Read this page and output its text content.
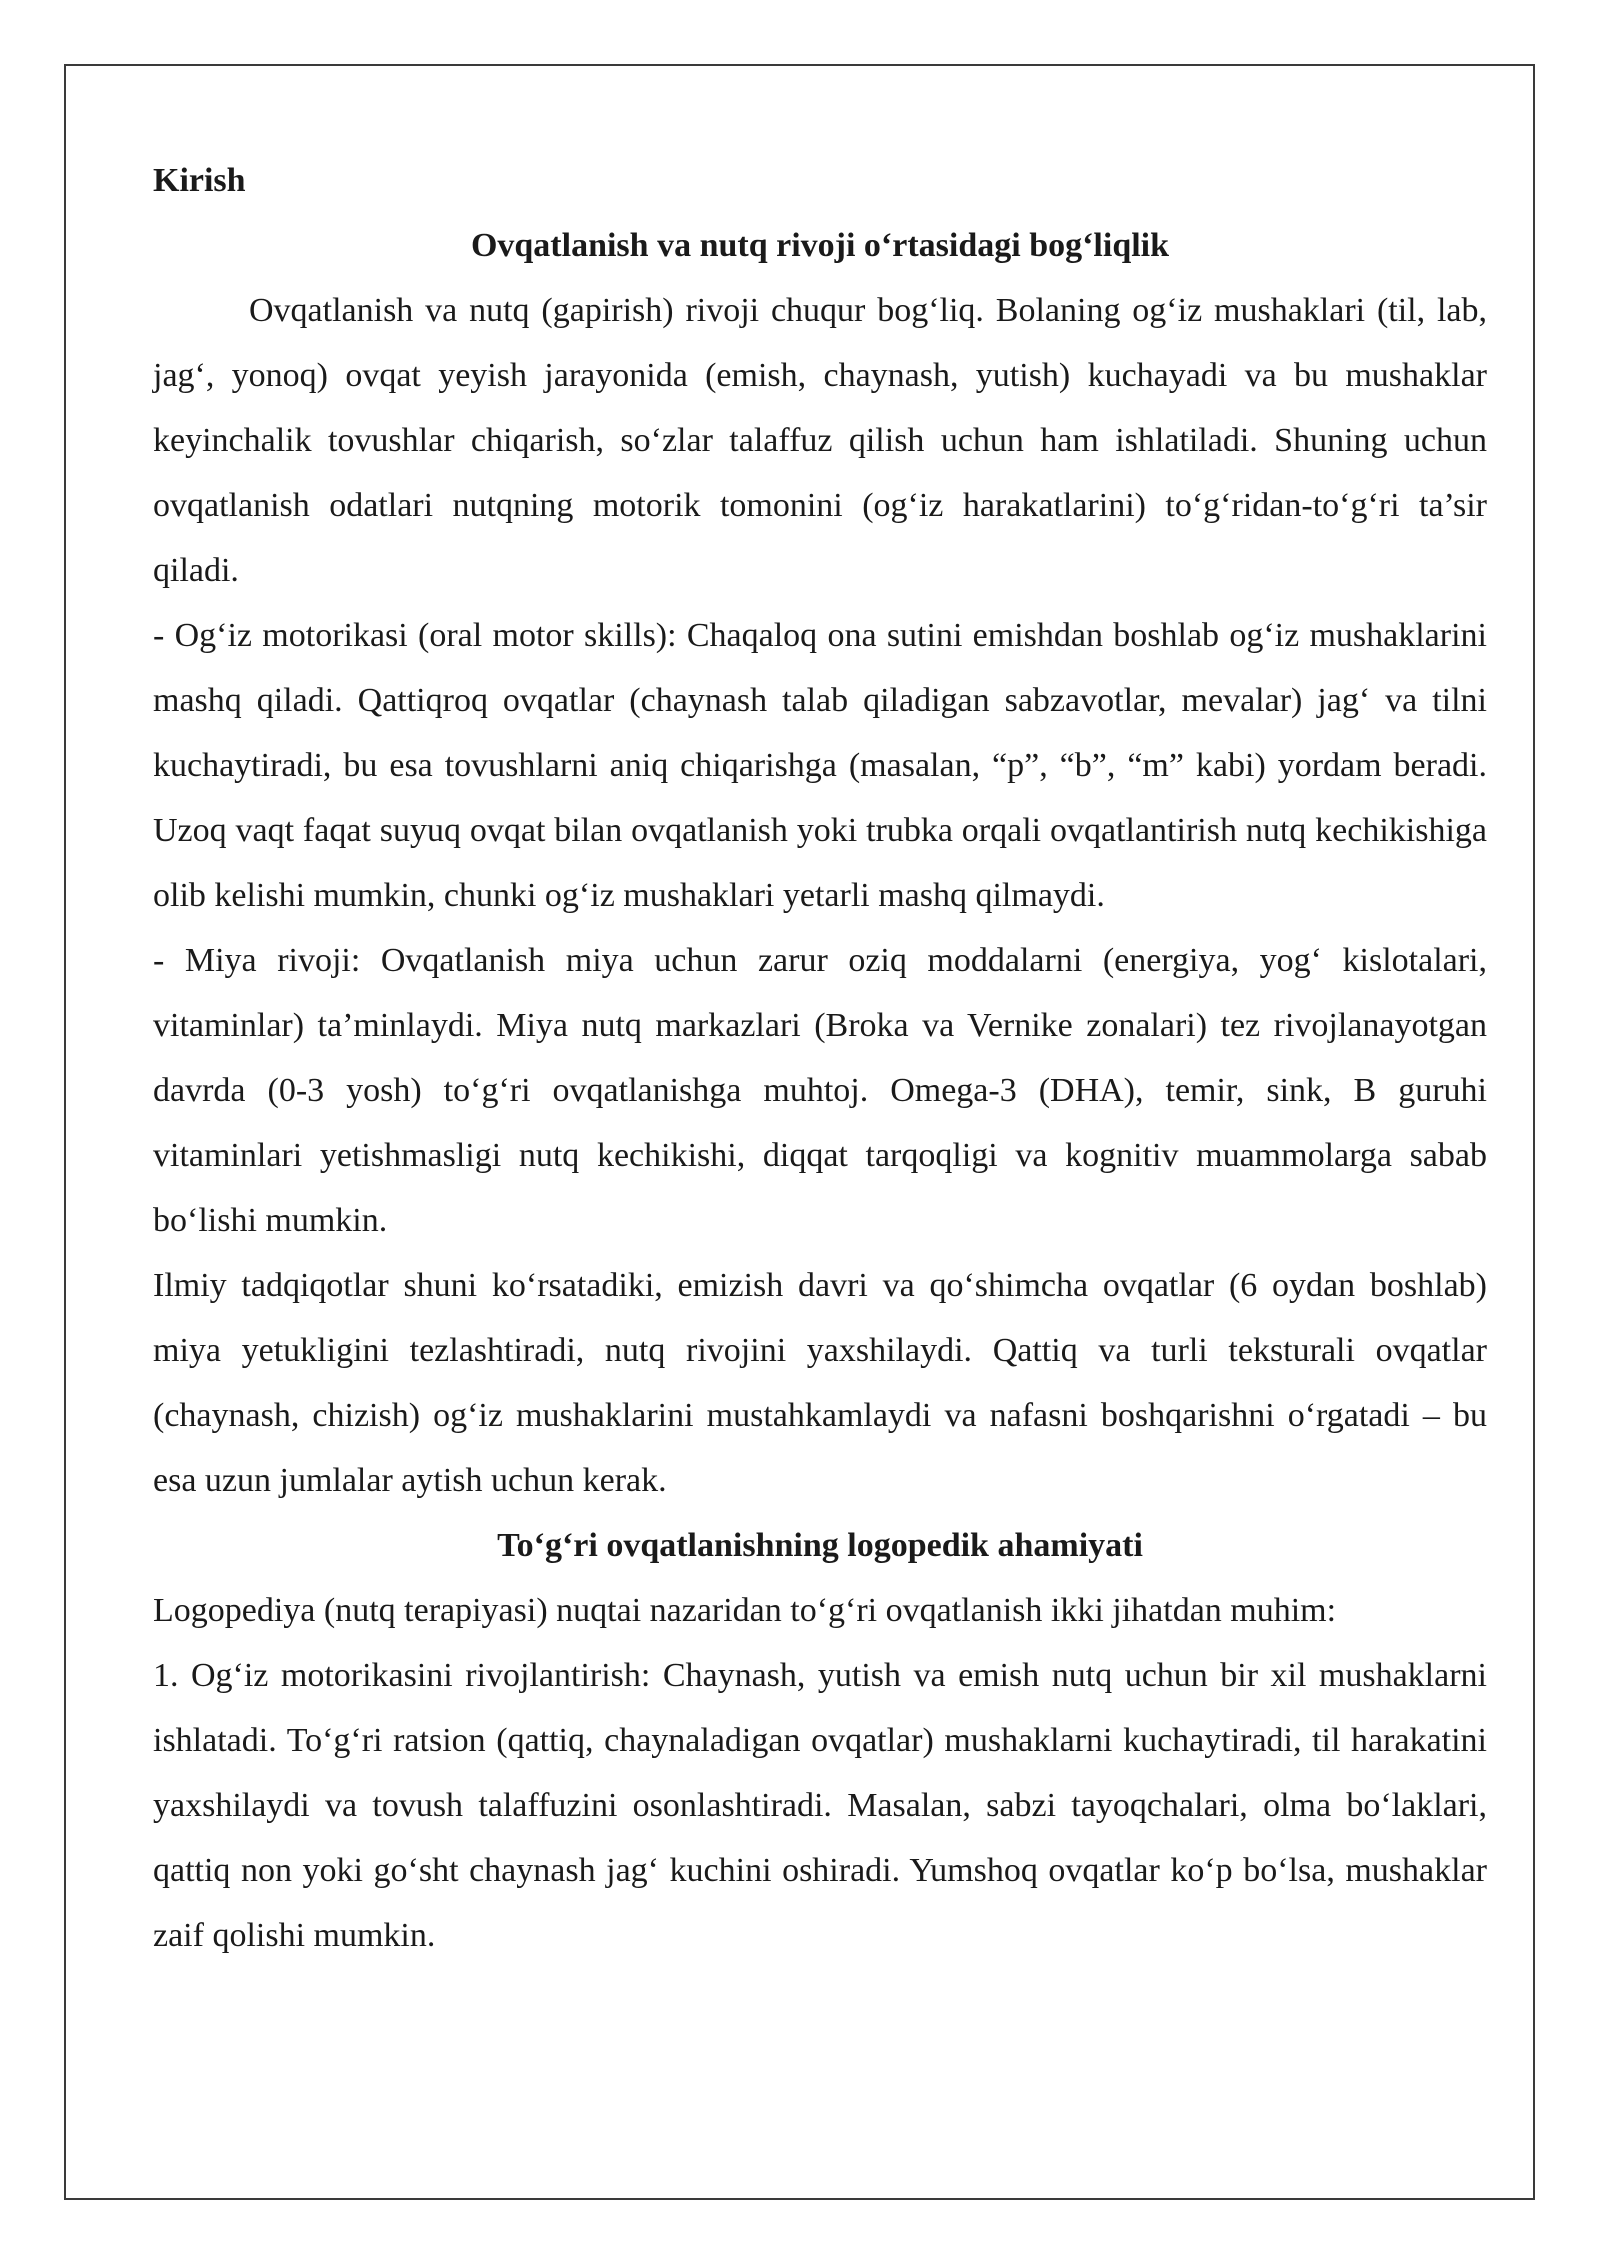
Kirish
Ovqatlanish va nutq rivoji o‘rtasidagi bog‘liqlik

Ovqatlanish va nutq (gapirish) rivoji chuqur bog‘liq. Bolaning og‘iz mushaklari (til, lab, jag‘, yonoq) ovqat yeyish jarayonida (emish, chaynash, yutish) kuchayadi va bu mushaklar keyinchalik tovushlar chiqarish, so‘zlar talaffuz qilish uchun ham ishlatiladi. Shuning uchun ovqatlanish odatlari nutqning motorik tomonini (og‘iz harakatlarini) to‘g‘ridan-to‘g‘ri ta’sir qiladi.

- Og‘iz motorikasi (oral motor skills): Chaqaloq ona sutini emishdan boshlab og‘iz mushaklarini mashq qiladi. Qattiqroq ovqatlar (chaynash talab qiladigan sabzavotlar, mevalar) jag‘ va tilni kuchaytiradi, bu esa tovushlarni aniq chiqarishga (masalan, “p”, “b”, “m” kabi) yordam beradi. Uzoq vaqt faqat suyuq ovqat bilan ovqatlanish yoki trubka orqali ovqatlantirish nutq kechikishiga olib kelishi mumkin, chunki og‘iz mushaklari yetarli mashq qilmaydi.

- Miya rivoji: Ovqatlanish miya uchun zarur oziq moddalarni (energiya, yog‘ kislotalari, vitaminlar) ta’minlaydi. Miya nutq markazlari (Broka va Vernike zonalari) tez rivojlanayotgan davrda (0-3 yosh) to‘g‘ri ovqatlanishga muhtoj. Omega-3 (DHA), temir, sink, B guruhi vitaminlari yetishmasligi nutq kechikishi, diqqat tarqoqligi va kognitiv muammolarga sabab bo‘lishi mumkin.

Ilmiy tadqiqotlar shuni ko‘rsatadiki, emizish davri va qo‘shimcha ovqatlar (6 oydan boshlab) miya yetukligini tezlashtiradi, nutq rivojini yaxshilaydi. Qattiq va turli teksturali ovqatlar (chaynash, chizish) og‘iz mushaklarini mustahkamlaydi va nafasni boshqarishni o‘rgatadi – bu esa uzun jumlalar aytish uchun kerak.

To‘g‘ri ovqatlanishning logopedik ahamiyati

Logopediya (nutq terapiyasi) nuqtai nazaridan to‘g‘ri ovqatlanish ikki jihatdan muhim:

1. Og‘iz motorikasini rivojlantirish: Chaynash, yutish va emish nutq uchun bir xil mushaklarni ishlatadi. To‘g‘ri ratsion (qattiq, chaynaladigan ovqatlar) mushaklarni kuchaytiradi, til harakatini yaxshilaydi va tovush talaffuzini osonlashtiradi. Masalan, sabzi tayoqchalari, olma bo‘laklari, qattiq non yoki go‘sht chaynash jag‘ kuchini oshiradi. Yumshoq ovqatlar ko‘p bo‘lsa, mushaklar zaif qolishi mumkin.
